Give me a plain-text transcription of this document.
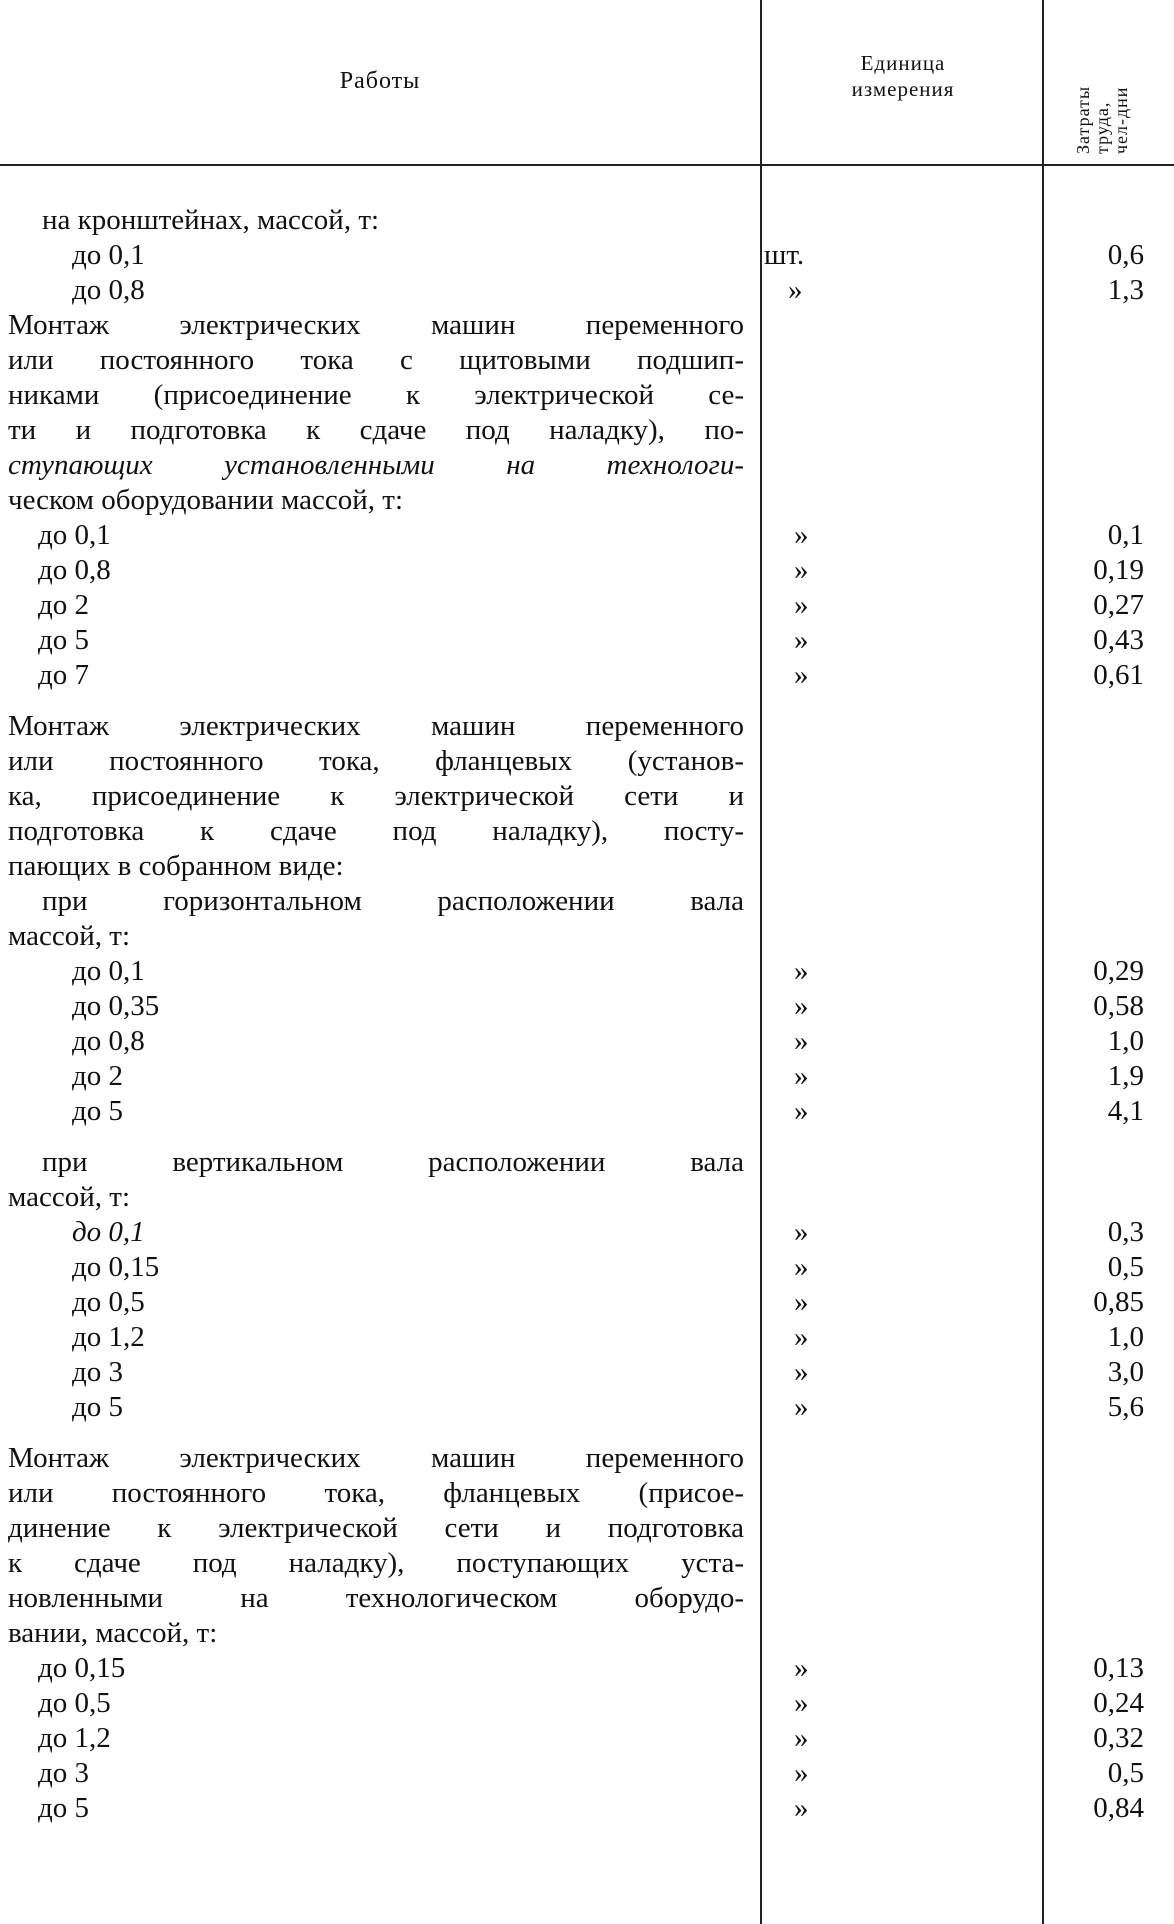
Работы
Единица
измерения	Затраты труда, чел-дни
на кронштейнах, массой, т:
до 0,1
до 0,8
Монтаж электрических машин переменного
или постоянного тока с щитовыми подшип-
никами (присоединение к электрической се-
ти и подготовка к сдаче под наладку), по-
ступающих установленными на технологи-
ческом оборудовании массой, т:
до 0,1
до 0,8
до 2
до 5
до 7
Монтаж электрических машин переменного
или постоянного тока, фланцевых (установ-
ка, присоединение к электрической сети и
подготовка к сдаче под наладку), посту-
пающих в собранном виде:
при горизонтальном расположении вала
массой, т:
до 0,1
до 0,35
до 0,8
до 2
до 5
при вертикальном расположении вала
массой, т:
до 0,1
до 0,15
до 0,5
до 1,2
до 3
до 5
Монтаж электрических машин переменного
или постоянного тока, фланцевых (присое-
динение к электрической сети и подготовка
к сдаче под наладку), поступающих уста-
новленными на технологическом оборудо-
вании, массой, т:
до 0,15
до 0,5
до 1,2
до 3
до 5
шт.
»
»
»
»
»
»
»
»
»
»
»
»
»
»
»
»
»
»
»
»
»
»
0,6
1,3
0,1
0,19
0,27
0,43
0,61
0,29
0,58
1,0
1,9
4,1
0,3
0,5
0,85
1,0
3,0
5,6
0,13
0,24
0,32
0,5
0,84
